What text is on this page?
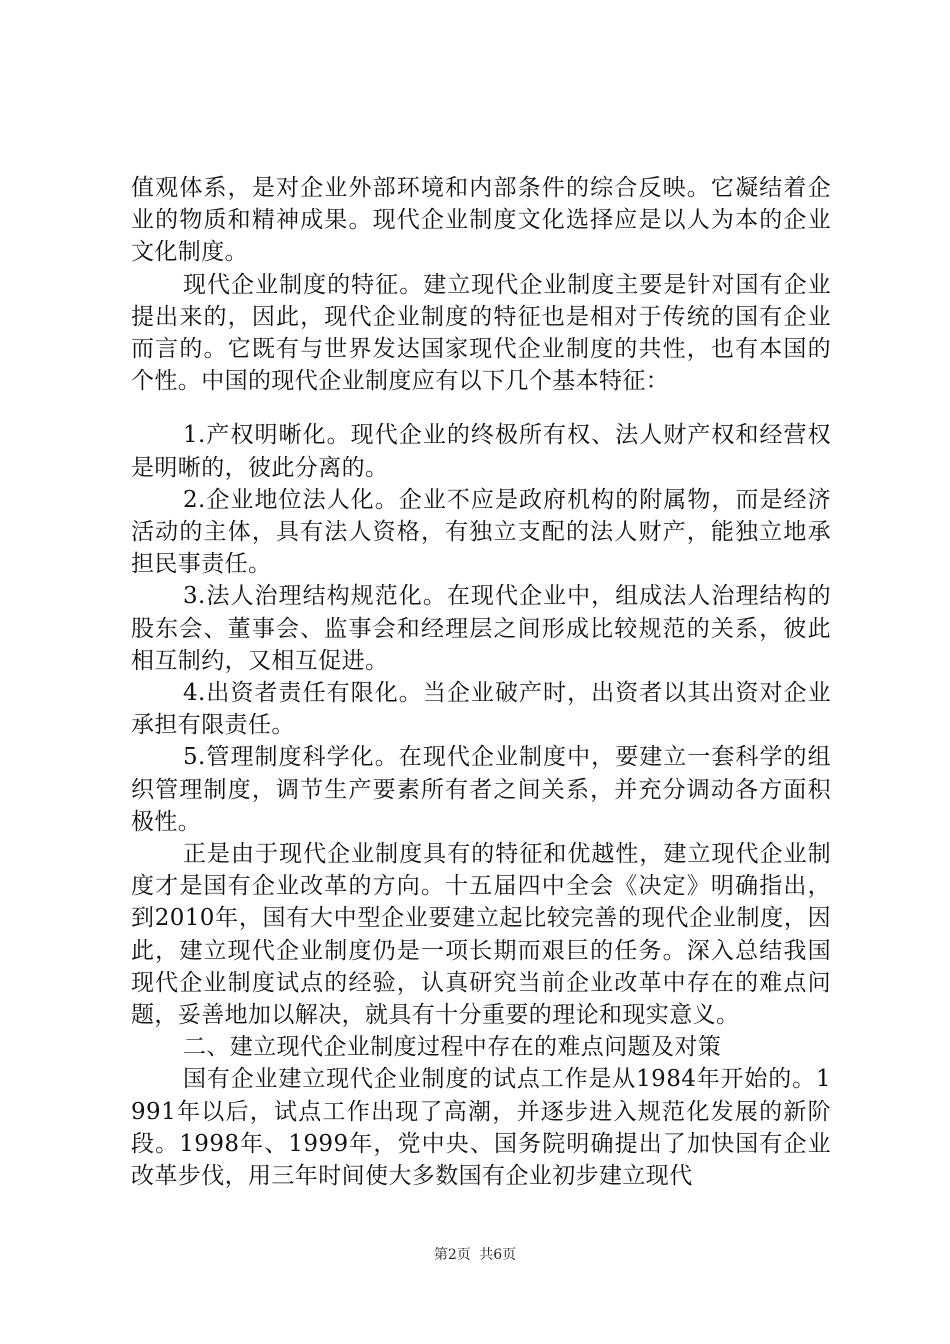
值观体系，是对企业外部环境和内部条件的综合反映。它凝结着企业的物质和精神成果。现代企业制度文化选择应是以人为本的企业文化制度。

现代企业制度的特征。建立现代企业制度主要是针对国有企业提出来的，因此，现代企业制度的特征也是相对于传统的国有企业而言的。它既有与世界发达国家现代企业制度的共性，也有本国的个性。中国的现代企业制度应有以下几个基本特征：

1.产权明晰化。现代企业的终极所有权、法人财产权和经营权是明晰的，彼此分离的。

2.企业地位法人化。企业不应是政府机构的附属物，而是经济活动的主体，具有法人资格，有独立支配的法人财产，能独立地承担民事责任。

3.法人治理结构规范化。在现代企业中，组成法人治理结构的股东会、董事会、监事会和经理层之间形成比较规范的关系，彼此相互制约，又相互促进。

4.出资者责任有限化。当企业破产时，出资者以其出资对企业承担有限责任。

5.管理制度科学化。在现代企业制度中，要建立一套科学的组织管理制度，调节生产要素所有者之间关系，并充分调动各方面积极性。

正是由于现代企业制度具有的特征和优越性，建立现代企业制度才是国有企业改革的方向。十五届四中全会《决定》明确指出，到2010年，国有大中型企业要建立起比较完善的现代企业制度，因此，建立现代企业制度仍是一项长期而艰巨的任务。深入总结我国现代企业制度试点的经验，认真研究当前企业改革中存在的难点问题，妥善地加以解决，就具有十分重要的理论和现实意义。

二、建立现代企业制度过程中存在的难点问题及对策

国有企业建立现代企业制度的试点工作是从1984年开始的。1991年以后，试点工作出现了高潮，并逐步进入规范化发展的新阶段。1998年、1999年，党中央、国务院明确提出了加快国有企业改革步伐，用三年时间使大多数国有企业初步建立现代

第2页 共6页
